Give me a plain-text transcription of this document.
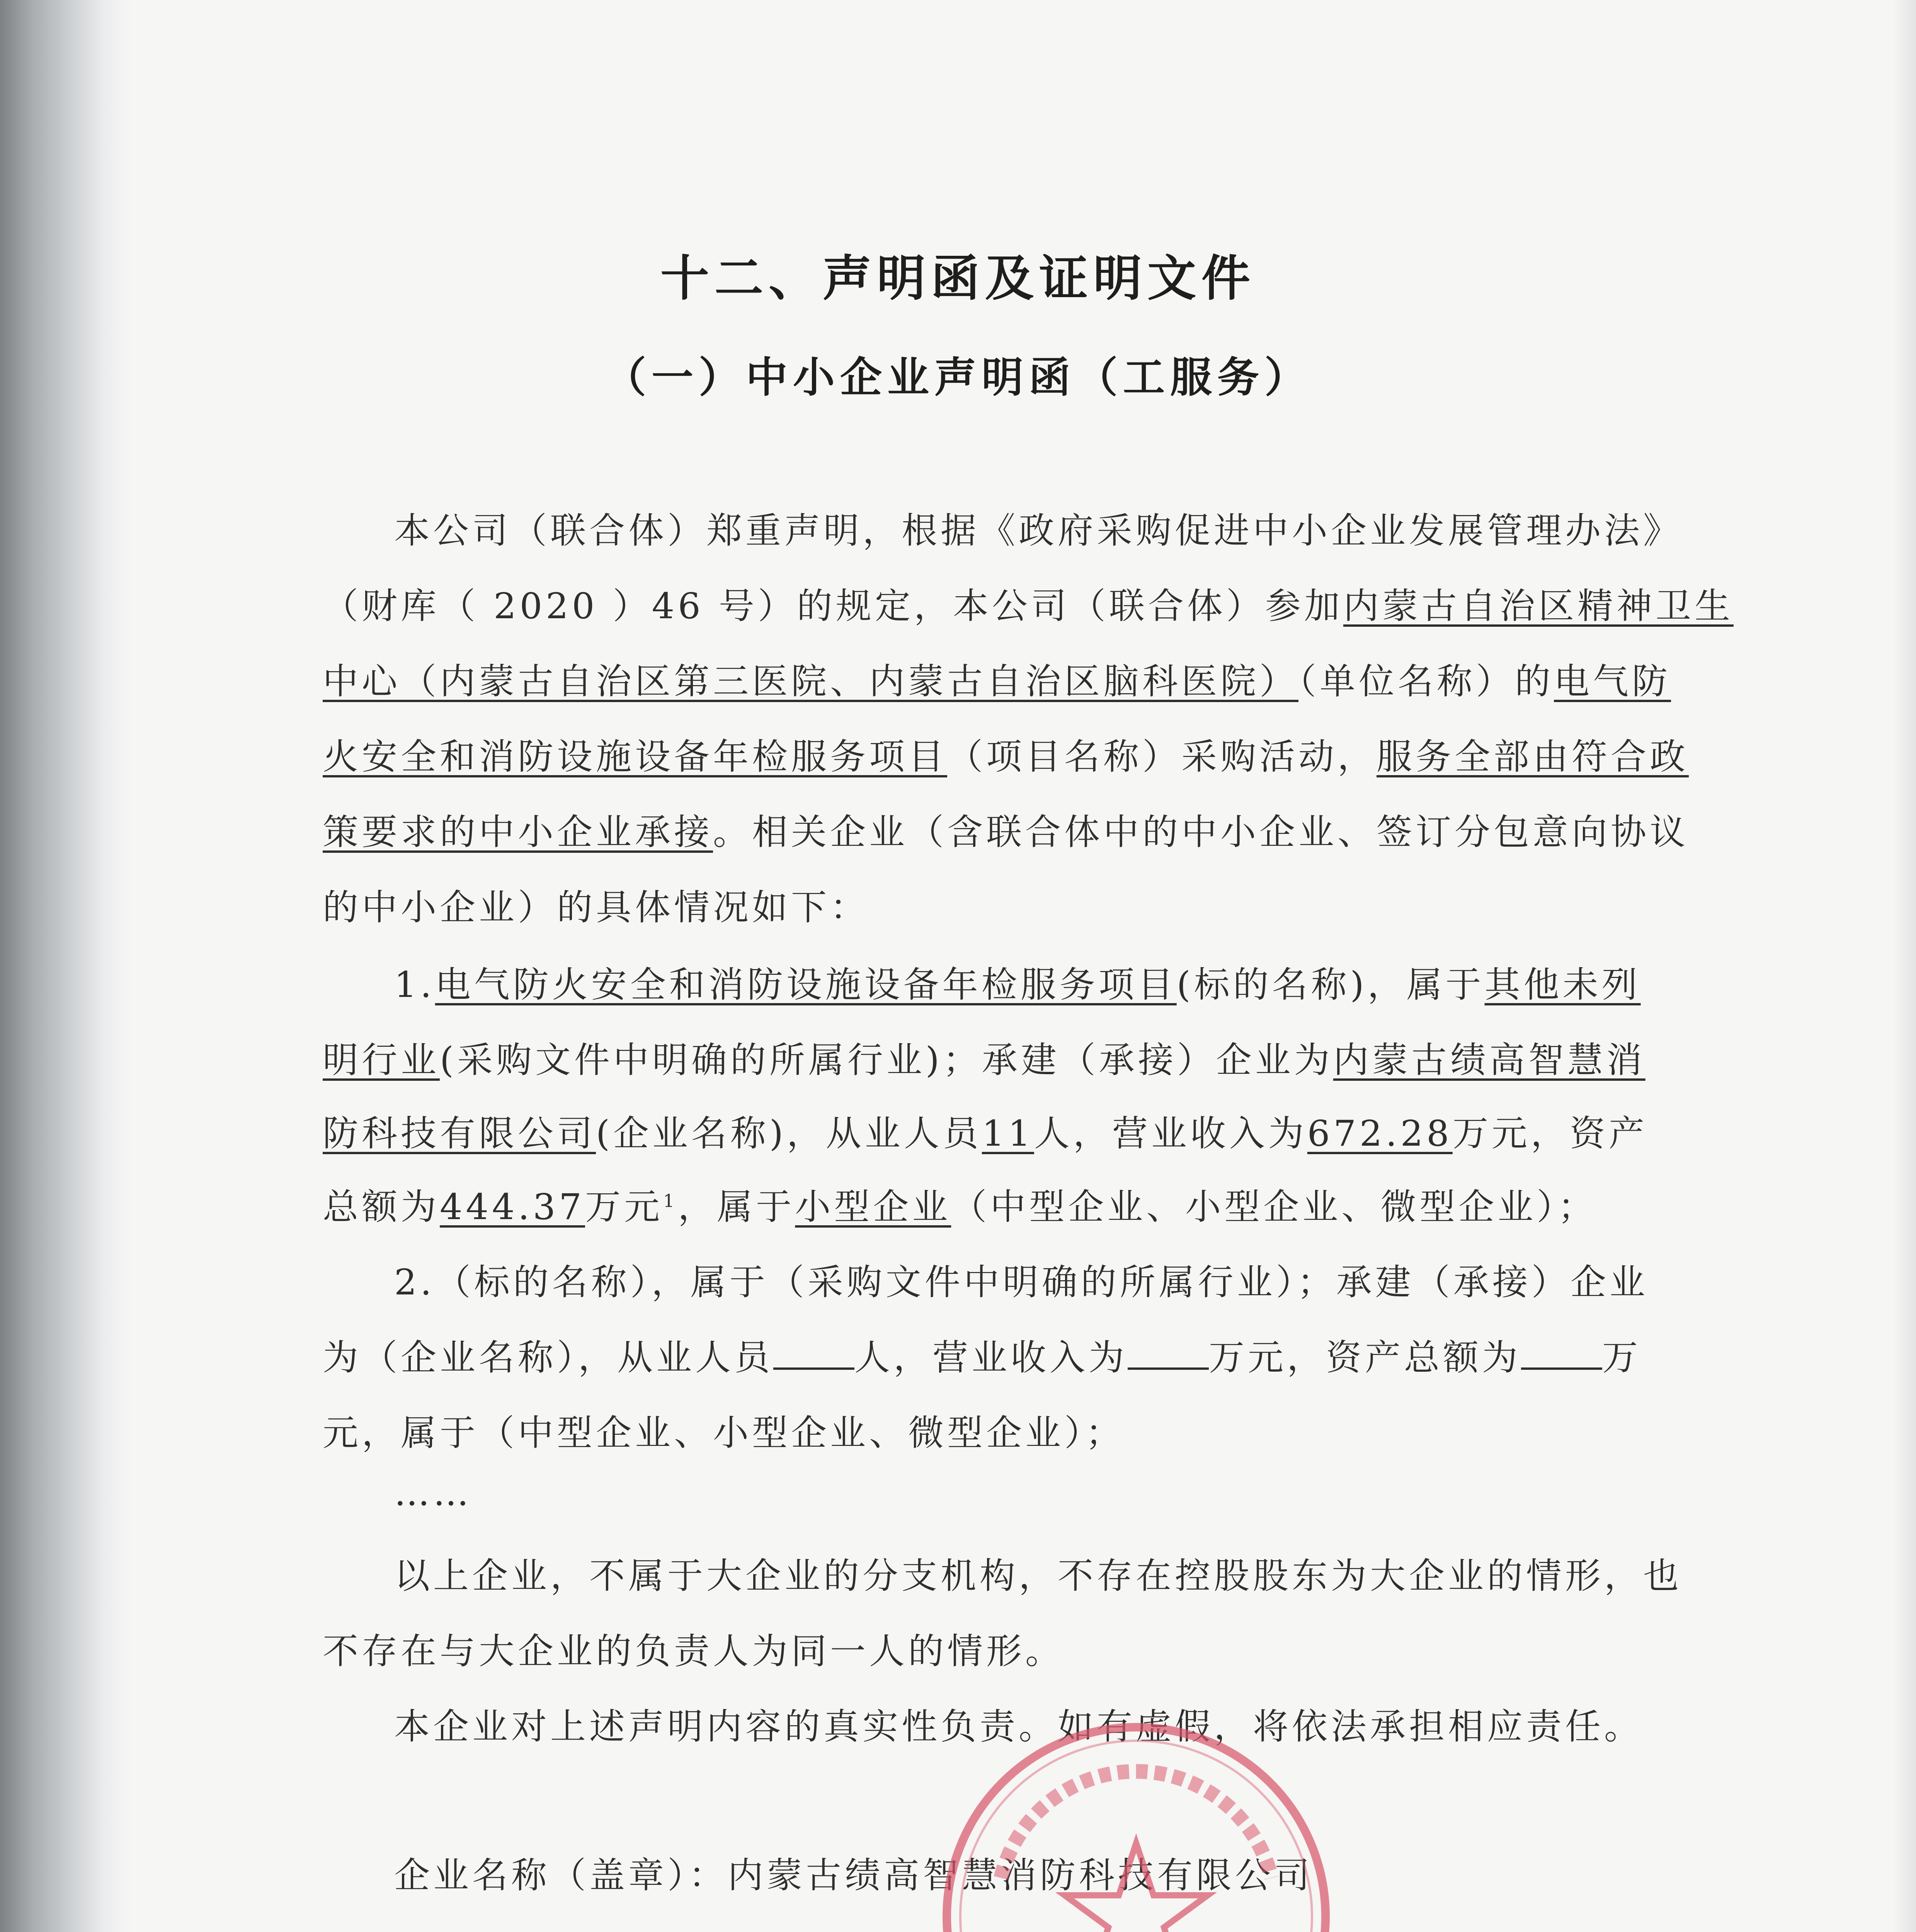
十二、声明函及证明文件
（一）中小企业声明函（工服务）
本公司（联合体）郑重声明，根据《政府采购促进中小企业发展管理办法》
（财库（ 2020 ）46 号）的规定，本公司（联合体）参加内蒙古自治区精神卫生
中心（内蒙古自治区第三医院、内蒙古自治区脑科医院）（单位名称）的电气防
火安全和消防设施设备年检服务项目（项目名称）采购活动，服务全部由符合政
策要求的中小企业承接。相关企业（含联合体中的中小企业、签订分包意向协议
的中小企业）的具体情况如下：
1.电气防火安全和消防设施设备年检服务项目(标的名称)，属于其他未列
明行业(采购文件中明确的所属行业)；承建（承接）企业为内蒙古绩高智慧消
防科技有限公司(企业名称)，从业人员11人，营业收入为672.28万元，资产
总额为444.37万元$^1$，属于小型企业（中型企业、小型企业、微型企业）；
2.（标的名称），属于（采购文件中明确的所属行业）；承建（承接）企业
为（企业名称），从业人员 人，营业收入为 万元，资产总额为 万
元，属于（中型企业、小型企业、微型企业）；
……
以上企业，不属于大企业的分支机构，不存在控股股东为大企业的情形，也
不存在与大企业的负责人为同一人的情形。
本企业对上述声明内容的真实性负责。如有虚假，将依法承担相应责任。
企业名称（盖章）：内蒙古绩高智慧消防科技有限公司
